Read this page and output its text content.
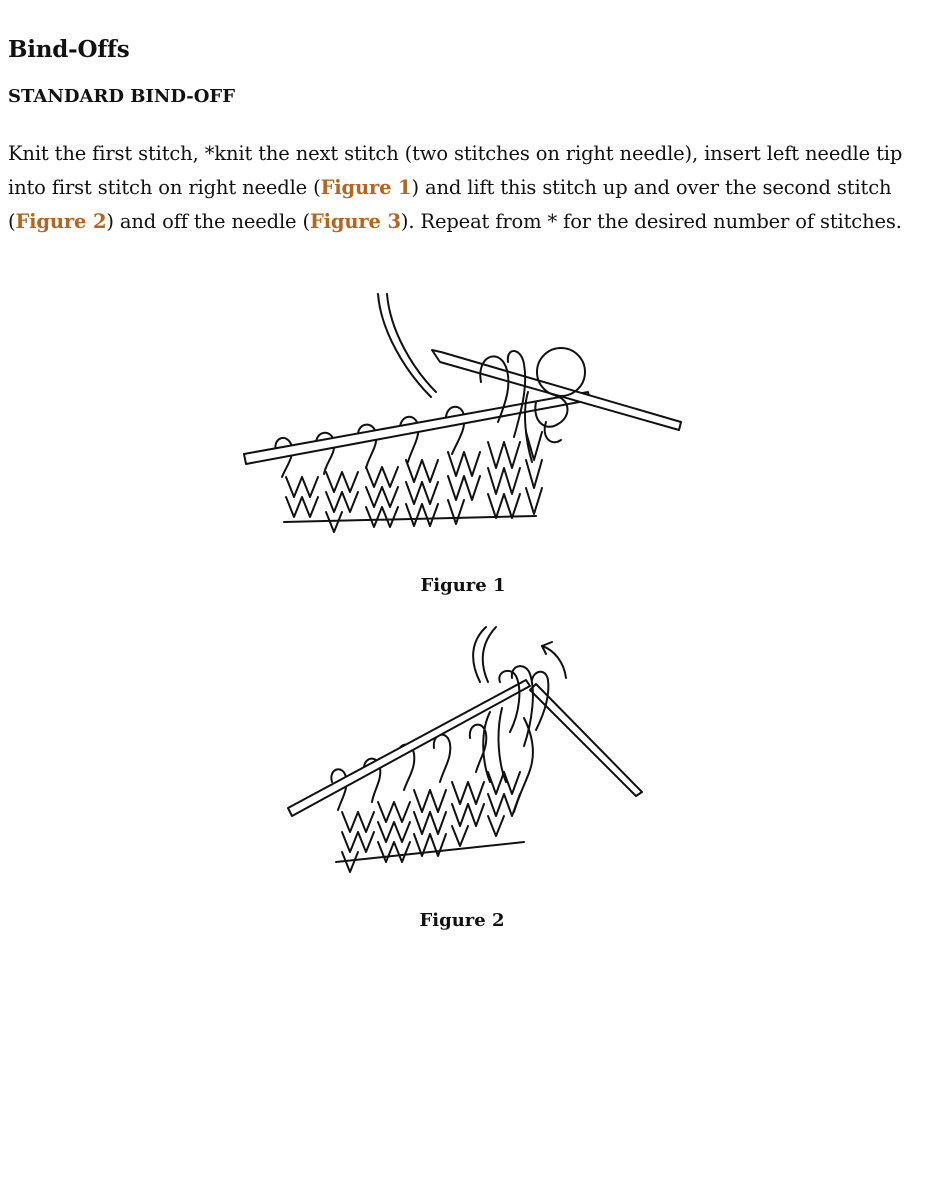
Bind-Offs
STANDARD BIND-OFF

Knit the first stitch, *knit the next stitch (two stitches on right needle), insert left needle tip into first stitch on right needle (Figure 1) and lift this stitch up and over the second stitch (Figure 2) and off the needle (Figure 3). Repeat from * for the desired number of stitches.

Figure 1
Figure 2
